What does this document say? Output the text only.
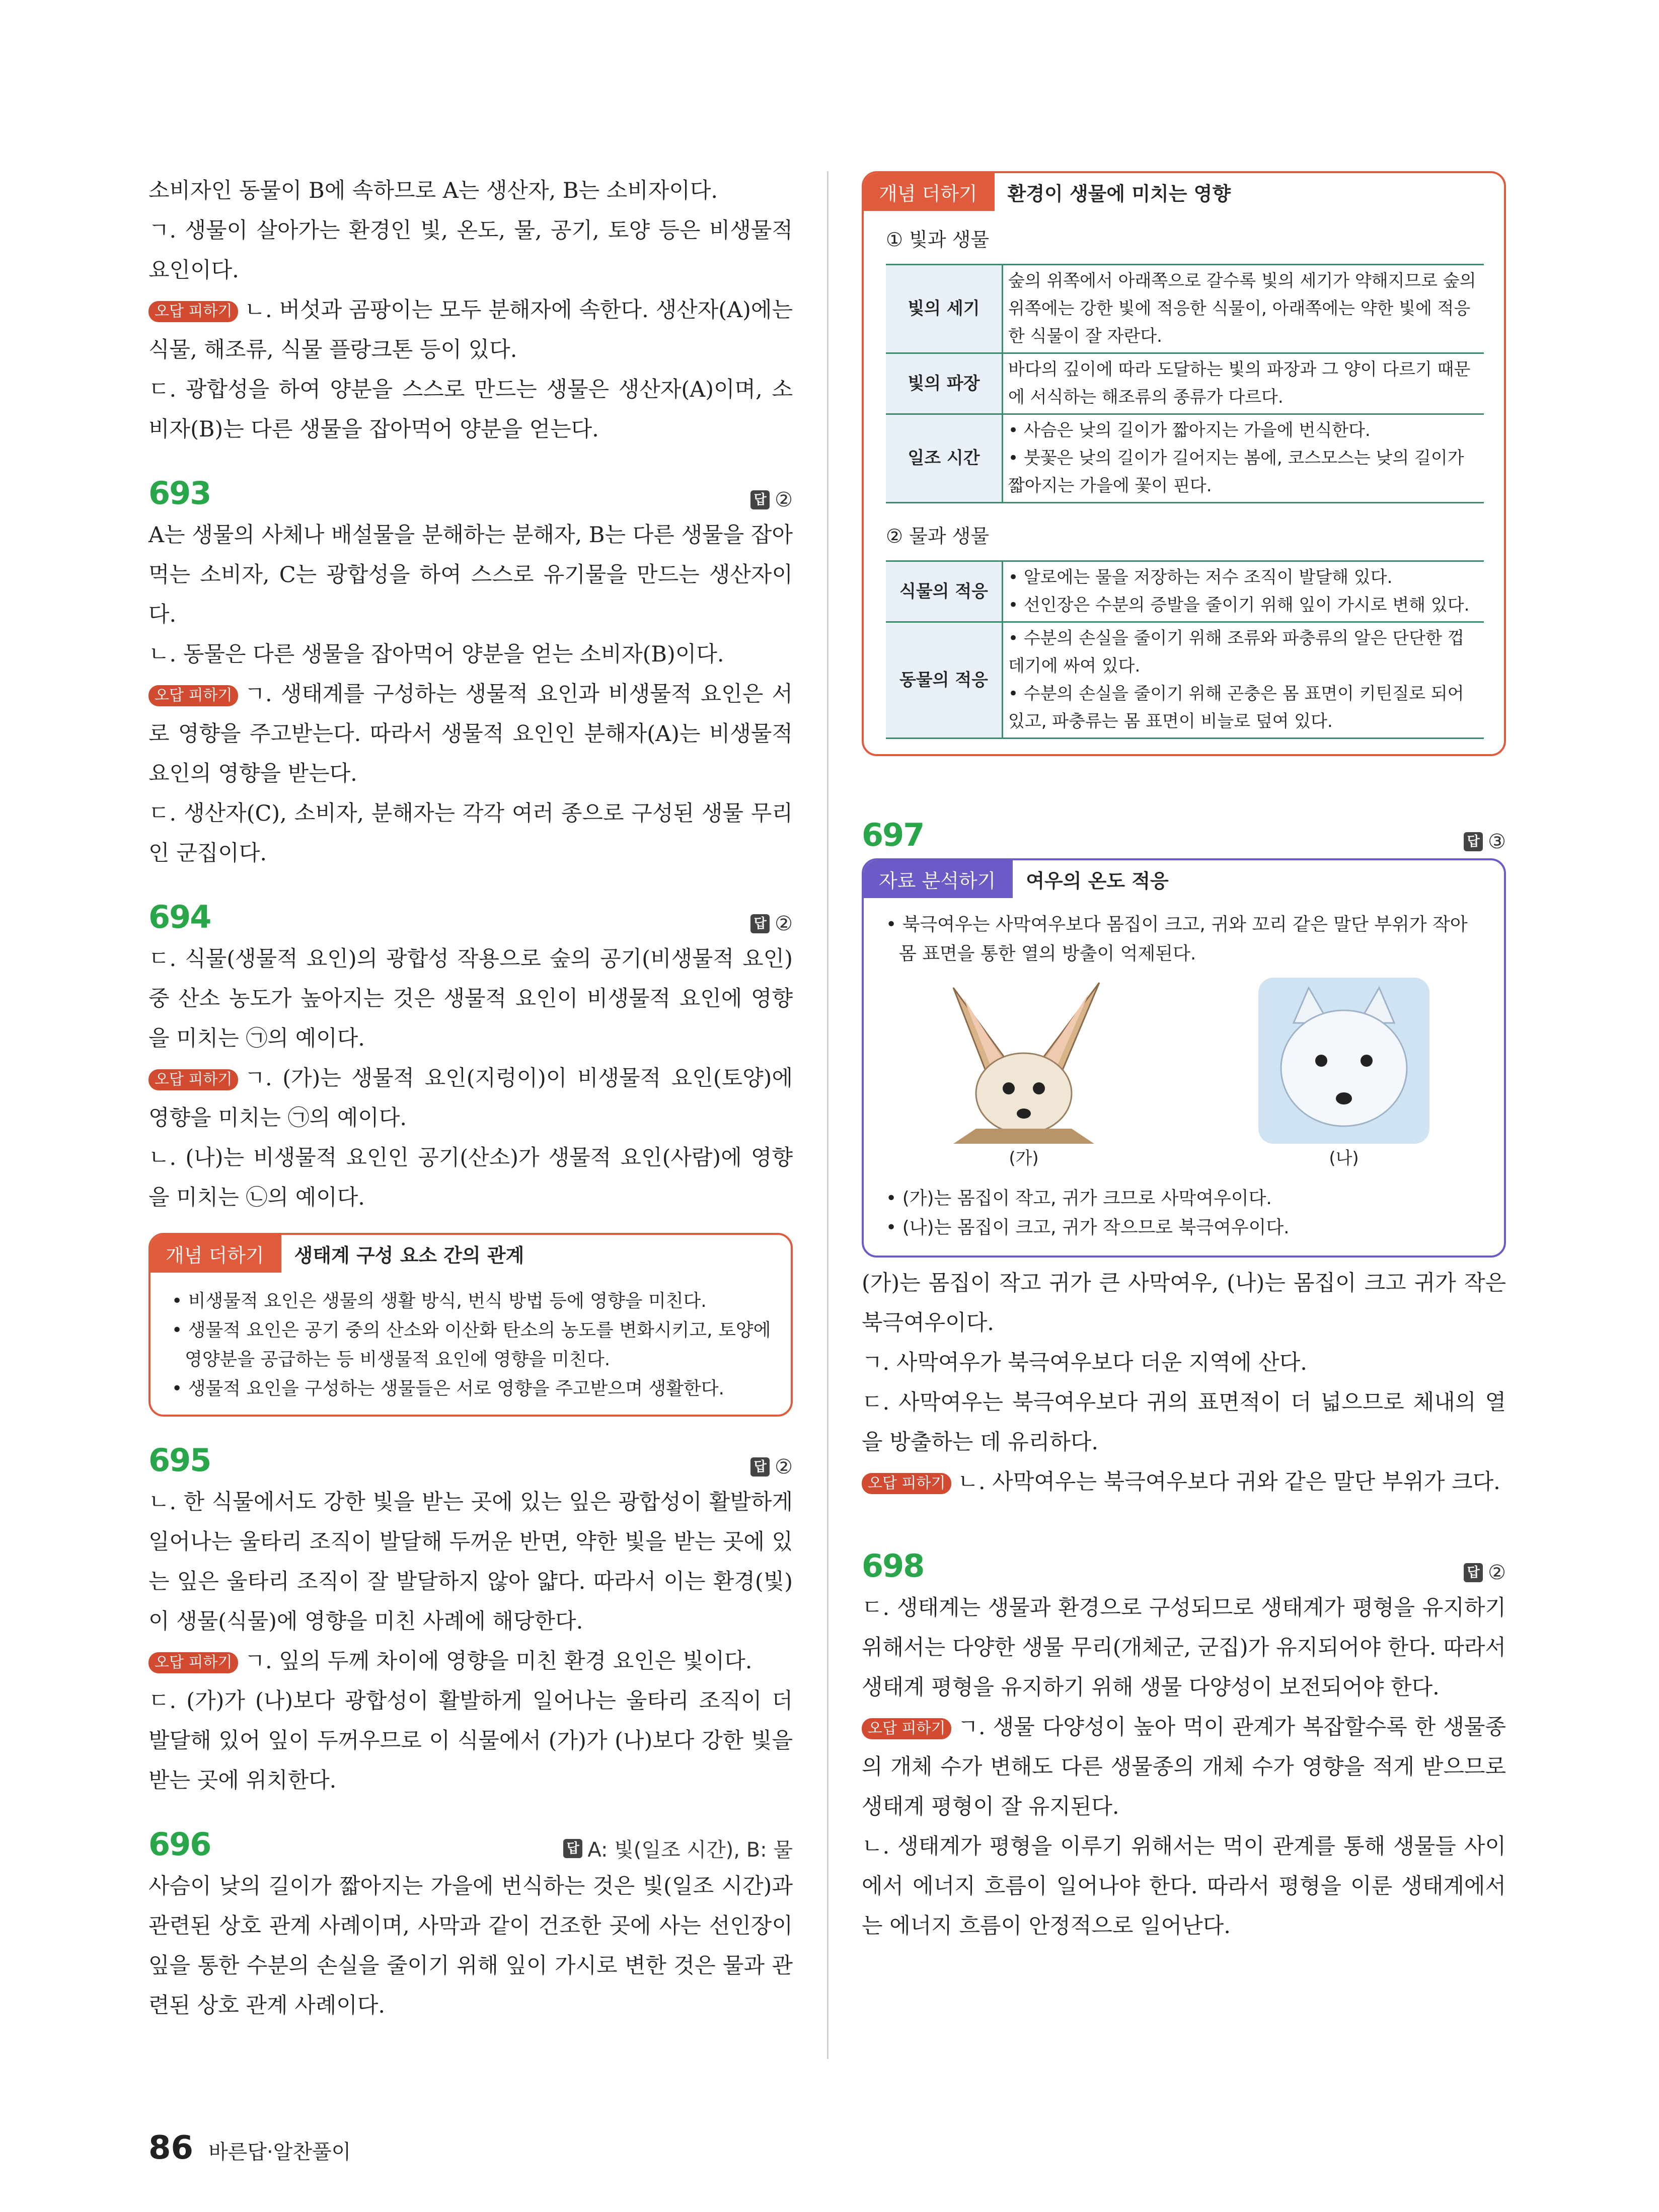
소비자인 동물이 B에 속하므로 A는 생산자, B는 소비자이다.

ㄱ. 생물이 살아가는 환경인 빛, 온도, 물, 공기, 토양 등은 비생물적 요인이다.

오답 피하기 ㄴ. 버섯과 곰팡이는 모두 분해자에 속한다. 생산자(A)에는 식물, 해조류, 식물 플랑크톤 등이 있다.

ㄷ. 광합성을 하여 양분을 스스로 만드는 생물은 생산자(A)이며, 소비자(B)는 다른 생물을 잡아먹어 양분을 얻는다.

693	답 ②

A는 생물의 사체나 배설물을 분해하는 분해자, B는 다른 생물을 잡아먹는 소비자, C는 광합성을 하여 스스로 유기물을 만드는 생산자이다.

ㄴ. 동물은 다른 생물을 잡아먹어 양분을 얻는 소비자(B)이다.

오답 피하기 ㄱ. 생태계를 구성하는 생물적 요인과 비생물적 요인은 서로 영향을 주고받는다. 따라서 생물적 요인인 분해자(A)는 비생물적 요인의 영향을 받는다.

ㄷ. 생산자(C), 소비자, 분해자는 각각 여러 종으로 구성된 생물 무리인 군집이다.

694	답 ②

ㄷ. 식물(생물적 요인)의 광합성 작용으로 숲의 공기(비생물적 요인) 중 산소 농도가 높아지는 것은 생물적 요인이 비생물적 요인에 영향을 미치는 ㉠의 예이다.

오답 피하기 ㄱ. (가)는 생물적 요인(지렁이)이 비생물적 요인(토양)에 영향을 미치는 ㉠의 예이다.

ㄴ. (나)는 비생물적 요인인 공기(산소)가 생물적 요인(사람)에 영향을 미치는 ㉡의 예이다.

개념 더하기	생태계 구성 요소 간의 관계

• 비생물적 요인은 생물의 생활 방식, 번식 방법 등에 영향을 미친다.

• 생물적 요인은 공기 중의 산소와 이산화 탄소의 농도를 변화시키고, 토양에 영양분을 공급하는 등 비생물적 요인에 영향을 미친다.

• 생물적 요인을 구성하는 생물들은 서로 영향을 주고받으며 생활한다.

695	답 ②

ㄴ. 한 식물에서도 강한 빛을 받는 곳에 있는 잎은 광합성이 활발하게 일어나는 울타리 조직이 발달해 두꺼운 반면, 약한 빛을 받는 곳에 있는 잎은 울타리 조직이 잘 발달하지 않아 얇다. 따라서 이는 환경(빛)이 생물(식물)에 영향을 미친 사례에 해당한다.

오답 피하기 ㄱ. 잎의 두께 차이에 영향을 미친 환경 요인은 빛이다.

ㄷ. (가)가 (나)보다 광합성이 활발하게 일어나는 울타리 조직이 더 발달해 있어 잎이 두꺼우므로 이 식물에서 (가)가 (나)보다 강한 빛을 받는 곳에 위치한다.

696	답 A: 빛(일조 시간), B: 물

사슴이 낮의 길이가 짧아지는 가을에 번식하는 것은 빛(일조 시간)과 관련된 상호 관계 사례이며, 사막과 같이 건조한 곳에 사는 선인장이 잎을 통한 수분의 손실을 줄이기 위해 잎이 가시로 변한 것은 물과 관련된 상호 관계 사례이다.

개념 더하기	환경이 생물에 미치는 영향
① 빛과 생물
빛의 세기	숲의 위쪽에서 아래쪽으로 갈수록 빛의 세기가 약해지므로 숲의 위쪽에는 강한 빛에 적응한 식물이, 아래쪽에는 약한 빛에 적응한 식물이 잘 자란다.
빛의 파장	바다의 깊이에 따라 도달하는 빛의 파장과 그 양이 다르기 때문에 서식하는 해조류의 종류가 다르다.
일조 시간	• 사슴은 낮의 길이가 짧아지는 가을에 번식한다.
• 붓꽃은 낮의 길이가 길어지는 봄에, 코스모스는 낮의 길이가 짧아지는 가을에 꽃이 핀다.
② 물과 생물
식물의 적응	• 알로에는 물을 저장하는 저수 조직이 발달해 있다.
• 선인장은 수분의 증발을 줄이기 위해 잎이 가시로 변해 있다.

동물의 적응	• 수분의 손실을 줄이기 위해 조류와 파충류의 알은 단단한 껍데기에 싸여 있다.
• 수분의 손실을 줄이기 위해 곤충은 몸 표면이 키틴질로 되어 있고, 파충류는 몸 표면이 비늘로 덮여 있다.
697	답 ③
자료 분석하기	여우의 온도 적응

• 북극여우는 사막여우보다 몸집이 크고, 귀와 꼬리 같은 말단 부위가 작아 몸 표면을 통한 열의 방출이 억제된다.

(가)	(나)

• (가)는 몸집이 작고, 귀가 크므로 사막여우이다.

• (나)는 몸집이 크고, 귀가 작으므로 북극여우이다.

(가)는 몸집이 작고 귀가 큰 사막여우, (나)는 몸집이 크고 귀가 작은 북극여우이다.

ㄱ. 사막여우가 북극여우보다 더운 지역에 산다.

ㄷ. 사막여우는 북극여우보다 귀의 표면적이 더 넓으므로 체내의 열을 방출하는 데 유리하다.

오답 피하기 ㄴ. 사막여우는 북극여우보다 귀와 같은 말단 부위가 크다.

698	답 ②

ㄷ. 생태계는 생물과 환경으로 구성되므로 생태계가 평형을 유지하기 위해서는 다양한 생물 무리(개체군, 군집)가 유지되어야 한다. 따라서 생태계 평형을 유지하기 위해 생물 다양성이 보전되어야 한다.

오답 피하기 ㄱ. 생물 다양성이 높아 먹이 관계가 복잡할수록 한 생물종의 개체 수가 변해도 다른 생물종의 개체 수가 영향을 적게 받으므로 생태계 평형이 잘 유지된다.

ㄴ. 생태계가 평형을 이루기 위해서는 먹이 관계를 통해 생물들 사이에서 에너지 흐름이 일어나야 한다. 따라서 평형을 이룬 생태계에서는 에너지 흐름이 안정적으로 일어난다.

86 바른답·알찬풀이
